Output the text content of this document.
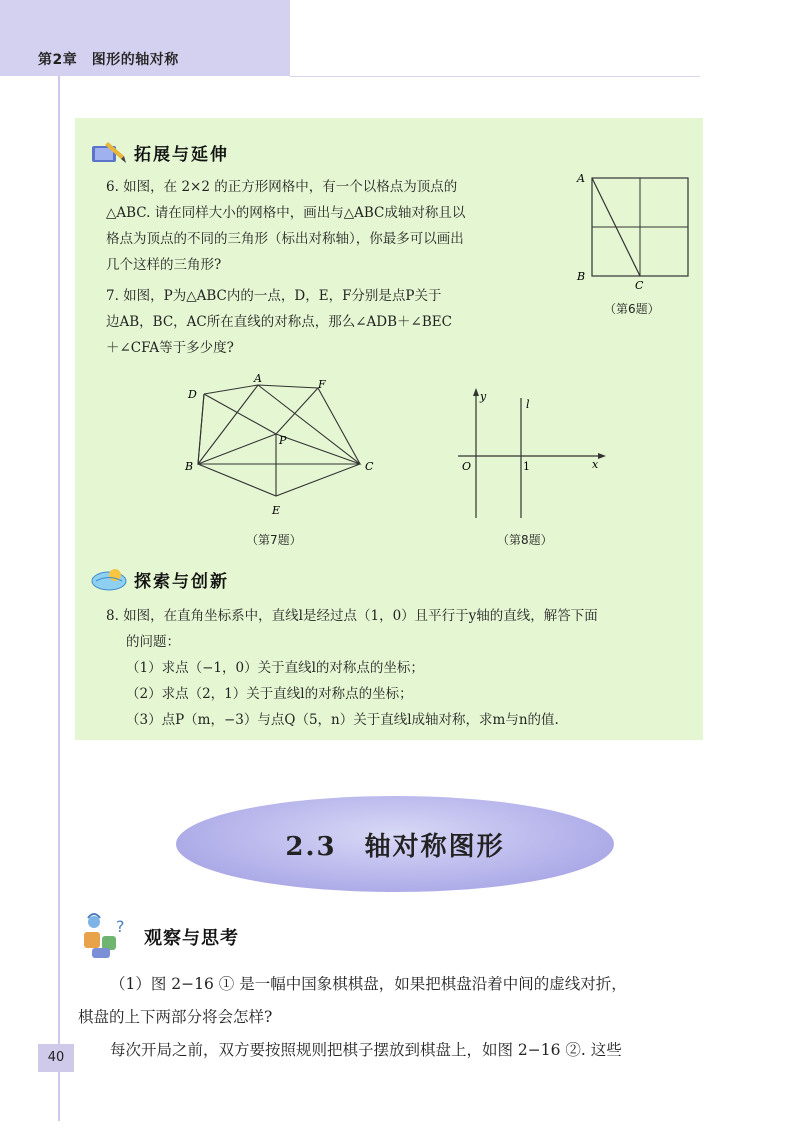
第2章　图形的轴对称
拓展与延伸
6. 如图，在 2×2 的正方形网格中，有一个以格点为顶点的
△ABC. 请在同样大小的网格中，画出与△ABC成轴对称且以
格点为顶点的不同的三角形（标出对称轴），你最多可以画出
几个这样的三角形?
A
B
C
（第6题）
7. 如图，P为△ABC内的一点，D，E，F分别是点P关于
边AB，BC，AC所在直线的对称点，那么∠ADB＋∠BEC
＋∠CFA等于多少度?
D
A	F
P
B	C
E
（第7题）
y
l
O	1	x
（第8题）
探索与创新
8. 如图，在直角坐标系中，直线l是经过点（1，0）且平行于y轴的直线，解答下面
的问题：
（1）求点（−1，0）关于直线l的对称点的坐标；
（2）求点（2，1）关于直线l的对称点的坐标；
（3）点P（m，−3）与点Q（5，n）关于直线l成轴对称，求m与n的值.
2.3　轴对称图形
?
观察与思考
（1）图 2−16 ① 是一幅中国象棋棋盘，如果把棋盘沿着中间的虚线对折，
棋盘的上下两部分将会怎样?
每次开局之前，双方要按照规则把棋子摆放到棋盘上，如图 2−16 ②. 这些
40
